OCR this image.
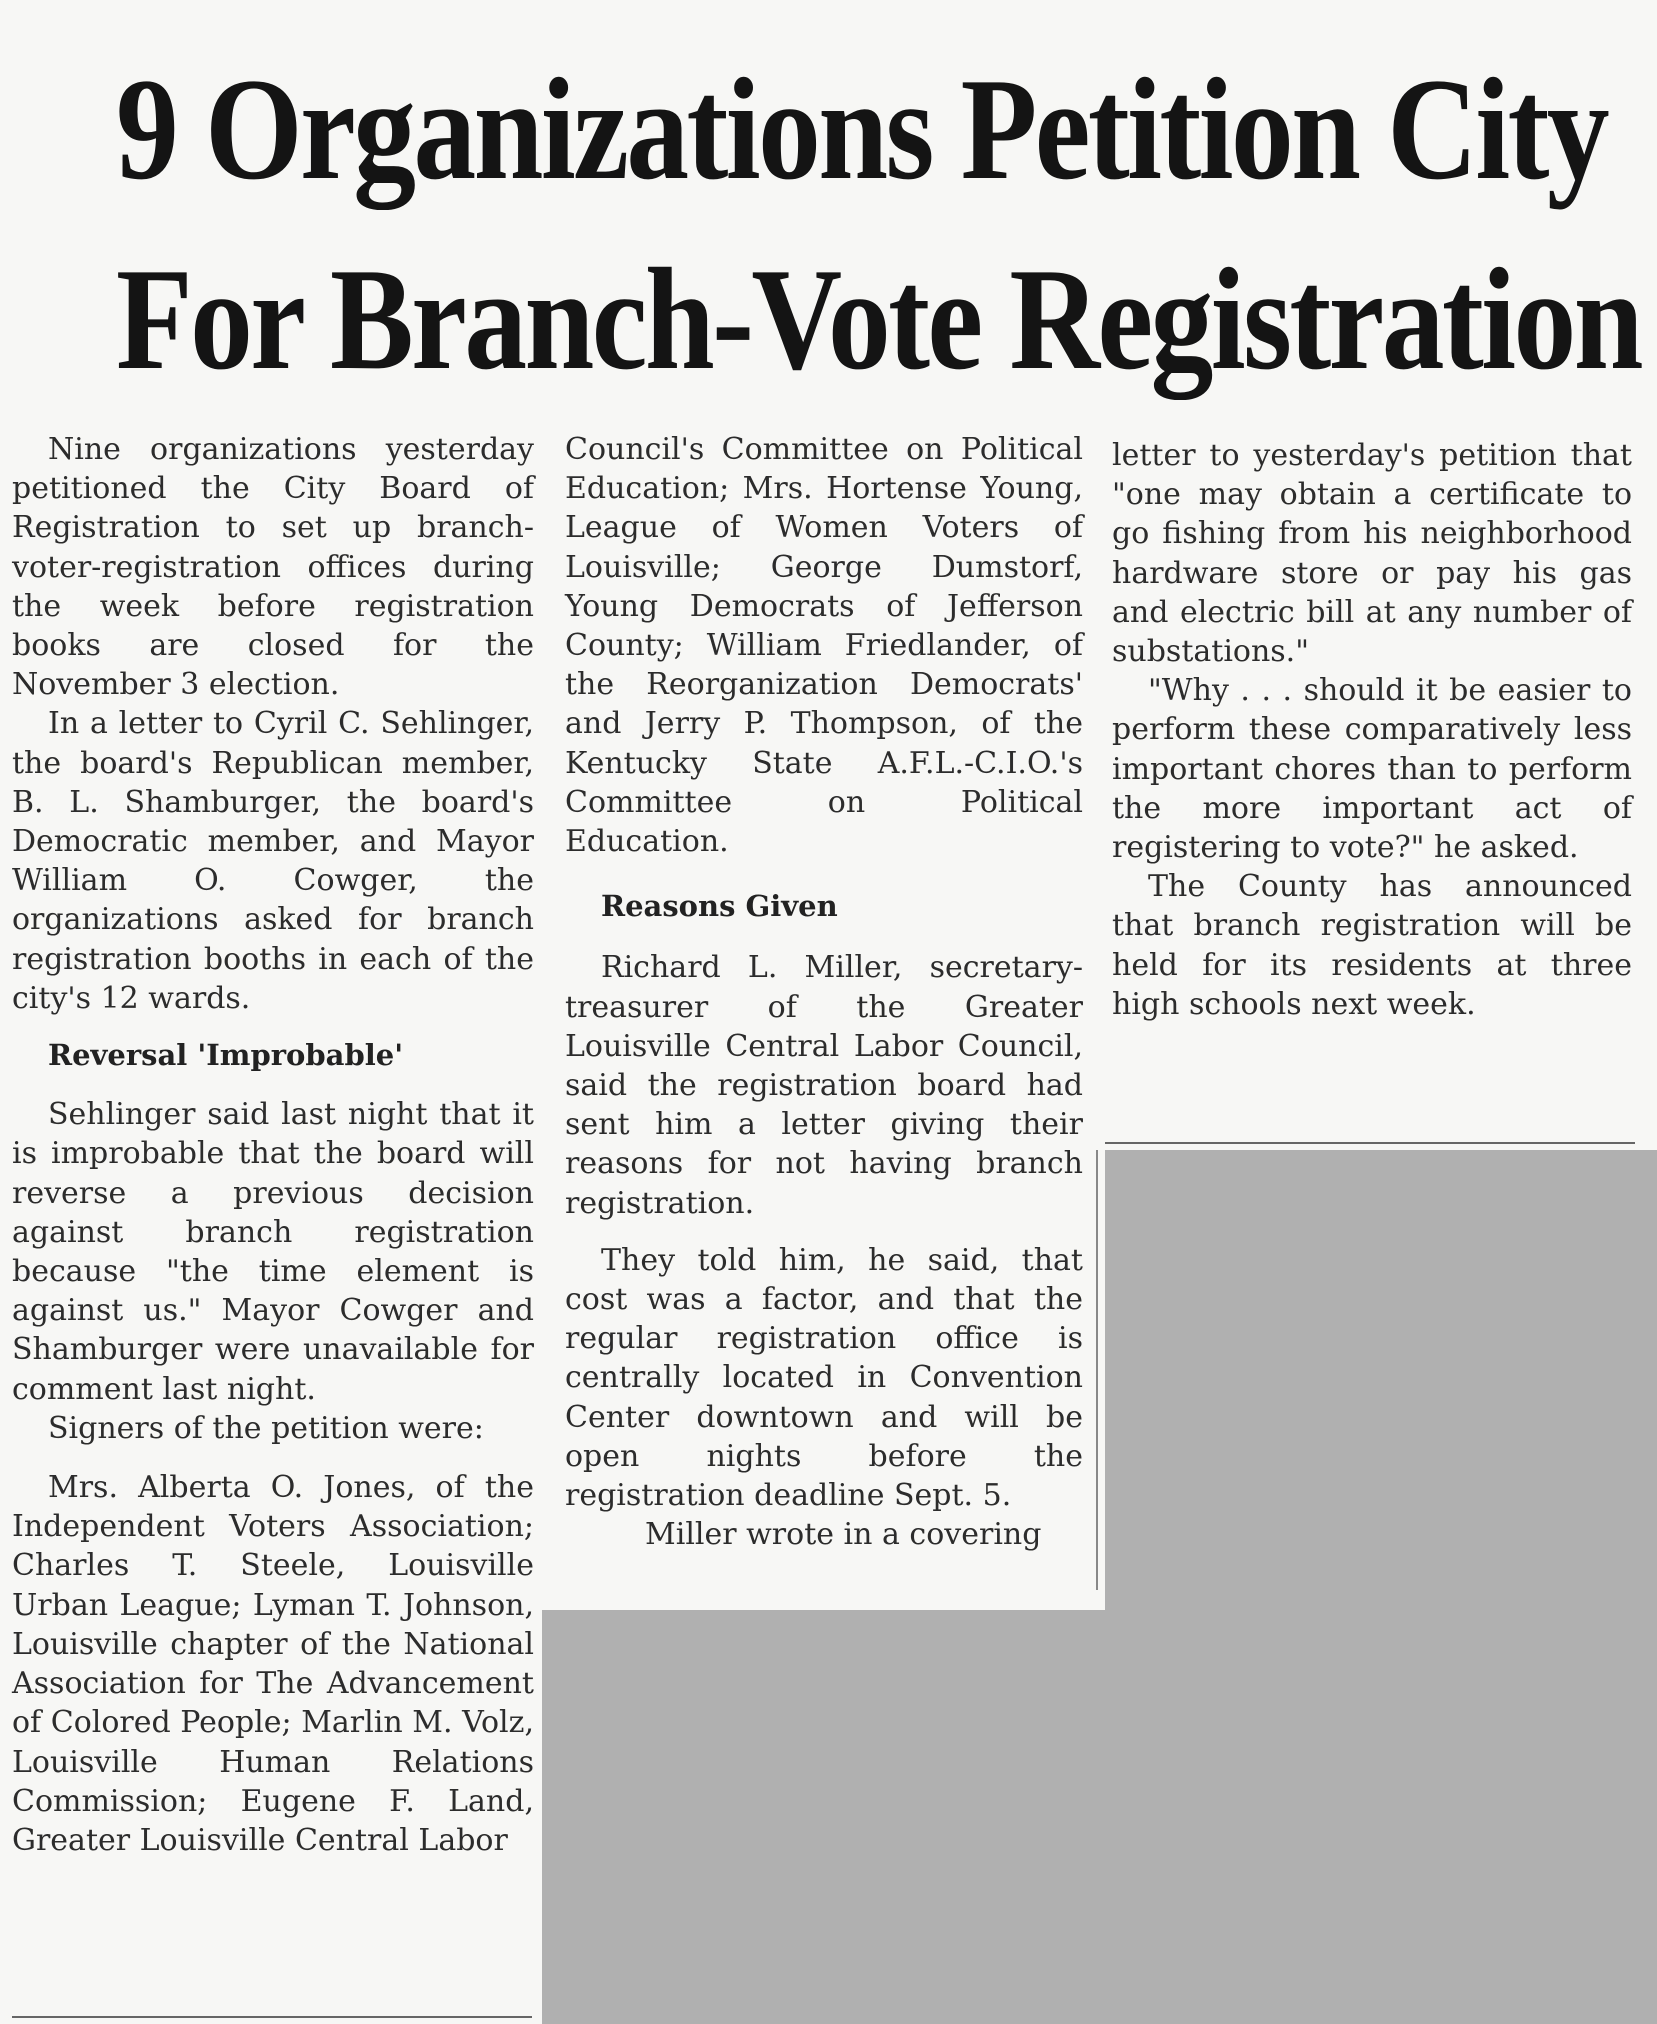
9 Organizations Petition City
For Branch-Vote Registration

Nine organizations yesterday petitioned the City Board of Registration to set up branch-voter-registration offices during the week before registration books are closed for the November 3 election.

In a letter to Cyril C. Sehlinger, the board's Republican member, B. L. Shamburger, the board's Democratic member, and Mayor William O. Cowger, the organizations asked for branch registration booths in each of the city's 12 wards.

Reversal 'Improbable'

Sehlinger said last night that it is improbable that the board will reverse a previous decision against branch registration because "the time element is against us." Mayor Cowger and Shamburger were unavailable for comment last night.

Signers of the petition were:

Mrs. Alberta O. Jones, of the Independent Voters Association; Charles T. Steele, Louisville Urban League; Lyman T. Johnson, Louisville chapter of the National Association for The Advancement of Colored People; Marlin M. Volz, Louisville Human Relations Commission; Eugene F. Land, Greater Louisville Central Labor

Council's Committee on Political Education; Mrs. Hortense Young, League of Women Voters of Louisville; George Dumstorf, Young Democrats of Jefferson County; William Friedlander, of the Reorganization Democrats' and Jerry P. Thompson, of the Kentucky State A.F.L.-C.I.O.'s Committee on Political Education.

Reasons Given

Richard L. Miller, secretary-treasurer of the Greater Louisville Central Labor Council, said the registration board had sent him a letter giving their reasons for not having branch registration.

They told him, he said, that cost was a factor, and that the regular registration office is centrally located in Convention Center downtown and will be open nights before the registration deadline Sept. 5.

Miller wrote in a covering

letter to yesterday's petition that "one may obtain a certificate to go fishing from his neighborhood hardware store or pay his gas and electric bill at any number of substations."

"Why . . . should it be easier to perform these comparatively less important chores than to perform the more important act of registering to vote?" he asked.

The County has announced that branch registration will be held for its residents at three high schools next week.
